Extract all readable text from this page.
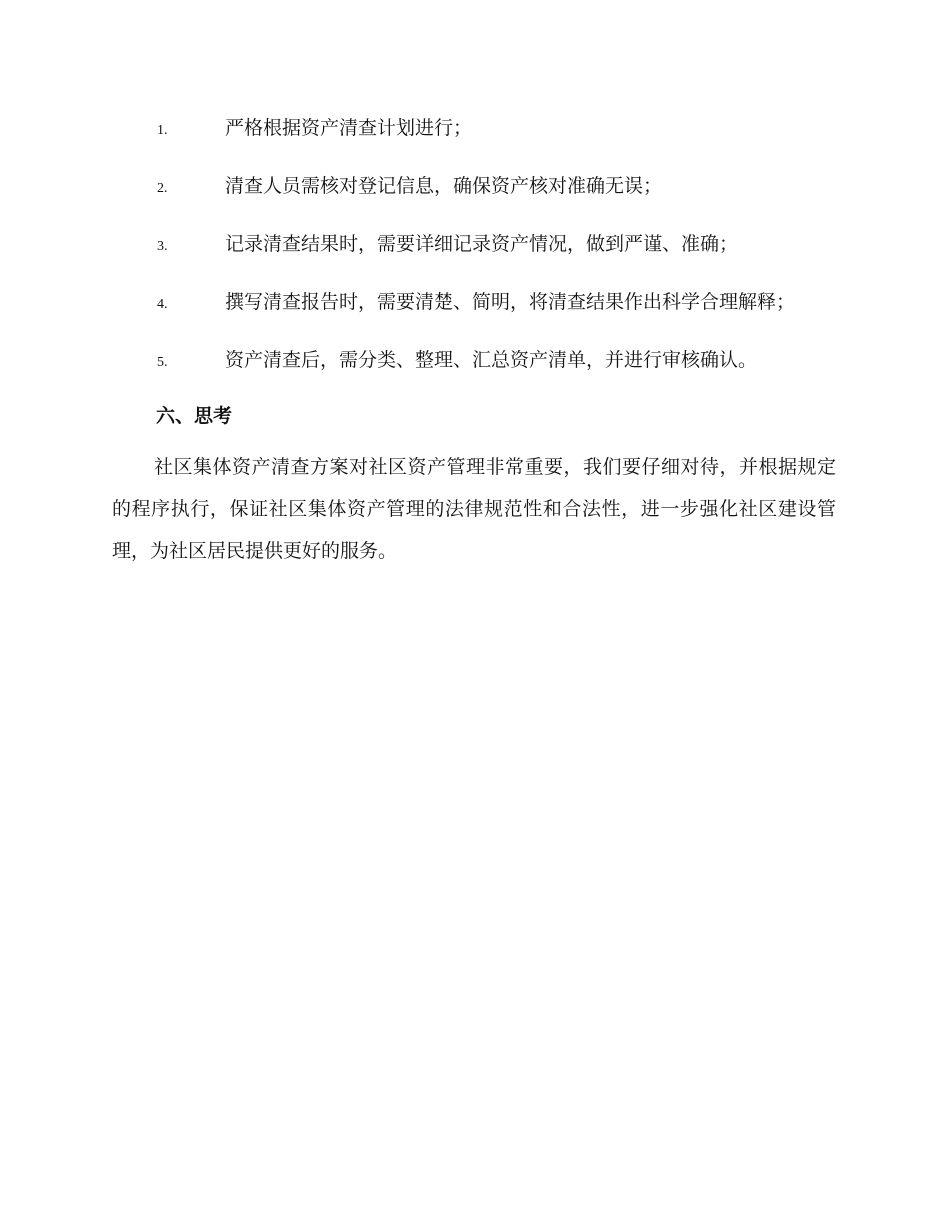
1.	严格根据资产清查计划进行；
2.	清查人员需核对登记信息，确保资产核对准确无误；
3.	记录清查结果时，需要详细记录资产情况，做到严谨、准确；
4.	撰写清查报告时，需要清楚、简明，将清查结果作出科学合理解释；
5.	资产清查后，需分类、整理、汇总资产清单，并进行审核确认。
六、思考

社区集体资产清查方案对社区资产管理非常重要，我们要仔细对待，并根据规定的程序执行，保证社区集体资产管理的法律规范性和合法性，进一步强化社区建设管理，为社区居民提供更好的服务。
